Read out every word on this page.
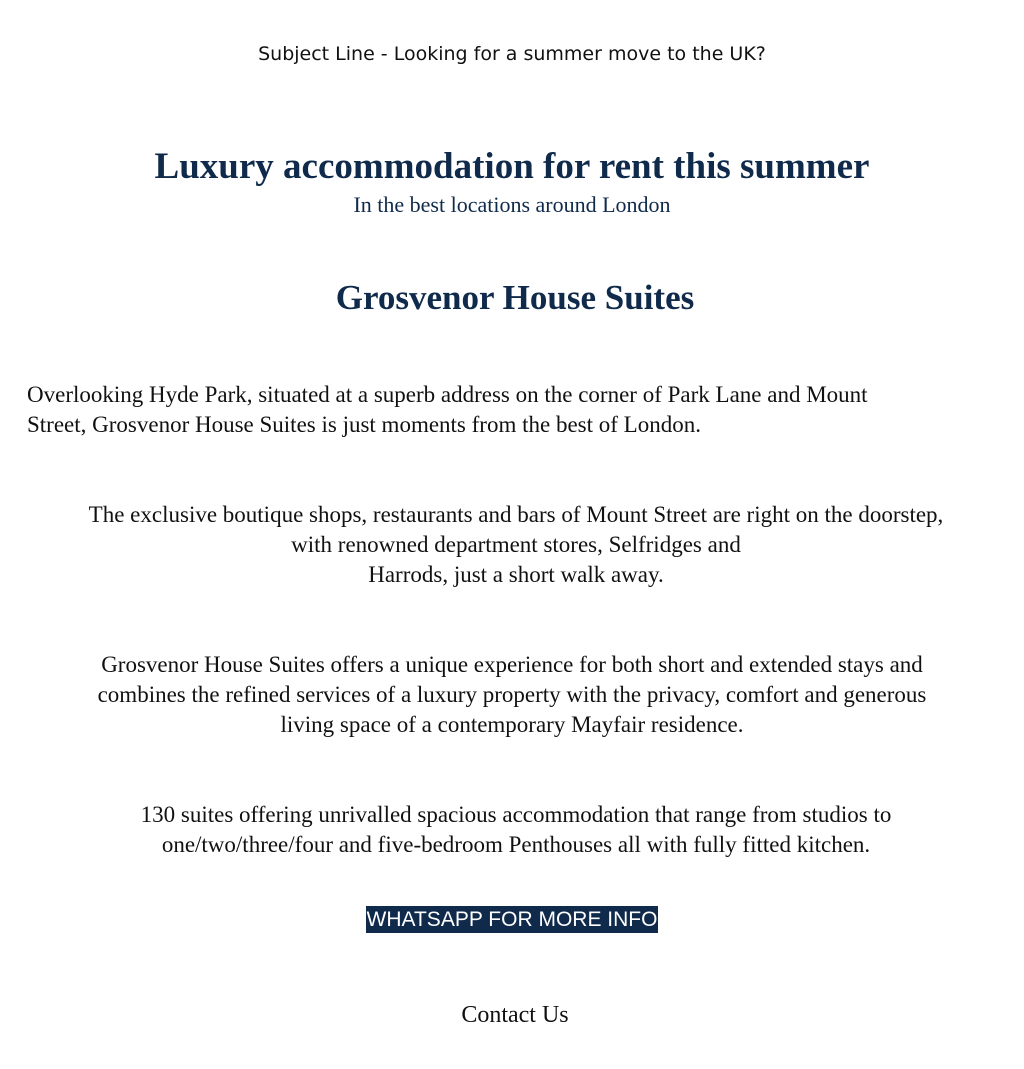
Subject Line - Looking for a summer move to the UK?
Luxury accommodation for rent this summer
In the best locations around London
Grosvenor House Suites
Overlooking Hyde Park, situated at a superb address on the corner of Park Lane and Mount
Street, Grosvenor House Suites is just moments from the best of London.
The exclusive boutique shops, restaurants and bars of Mount Street are right on the doorstep,
with renowned department stores, Selfridges and
Harrods, just a short walk away.
Grosvenor House Suites offers a unique experience for both short and extended stays and
combines the refined services of a luxury property with the privacy, comfort and generous
living space of a contemporary Mayfair residence.
130 suites offering unrivalled spacious accommodation that range from studios to
one/two/three/four and five-bedroom Penthouses all with fully fitted kitchen.
WHATSAPP FOR MORE INFO
Contact Us
